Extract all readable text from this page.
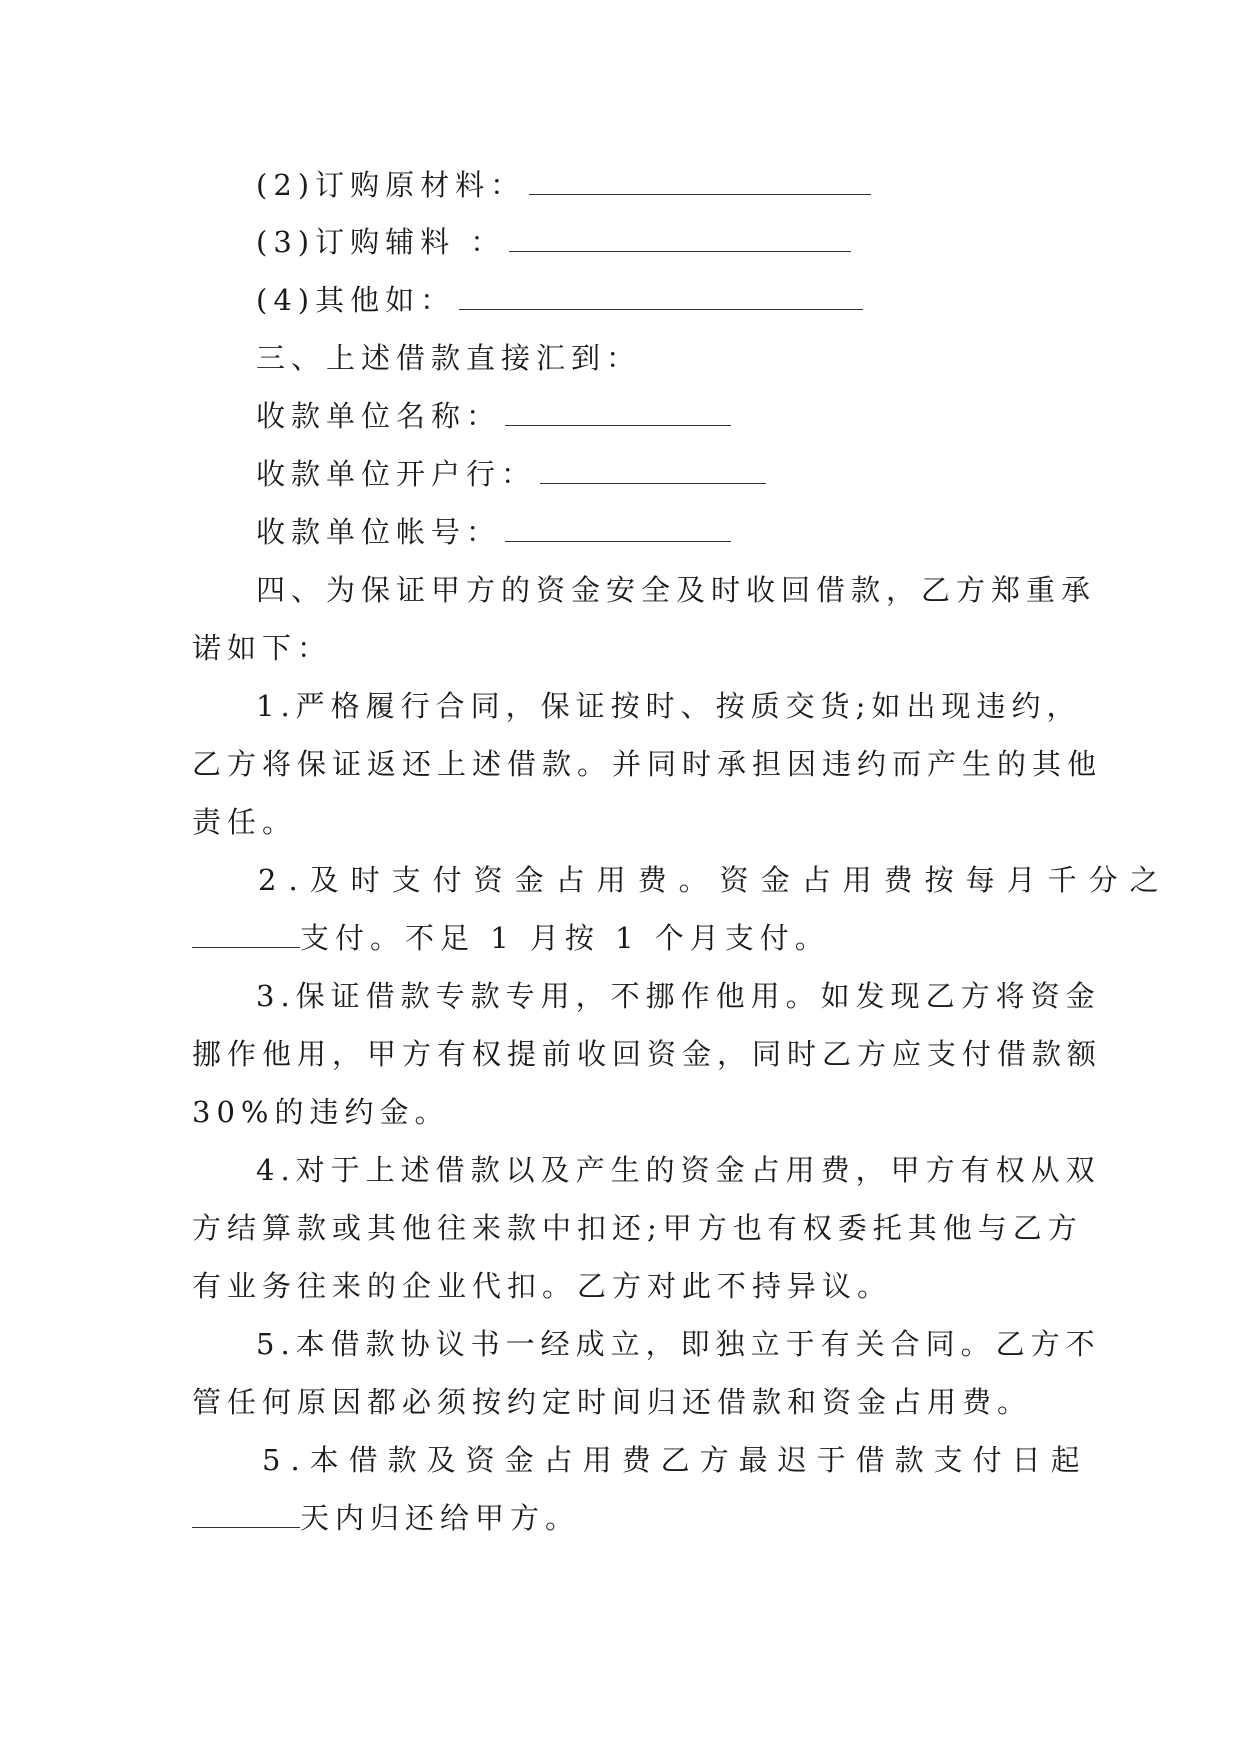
(2)订购原材料：
(3)订购辅料 ：
(4)其他如：
三、上述借款直接汇到：
收款单位名称：
收款单位开户行：
收款单位帐号：
四、为保证甲方的资金安全及时收回借款，乙方郑重承
诺如下：
1.严格履行合同，保证按时、按质交货;如出现违约，
乙方将保证返还上述借款。并同时承担因违约而产生的其他
责任。
2.及时支付资金占用费。资金占用费按每月千分之
支付。不足 1 月按 1 个月支付。
3.保证借款专款专用，不挪作他用。如发现乙方将资金
挪作他用，甲方有权提前收回资金，同时乙方应支付借款额
30%的违约金。
4.对于上述借款以及产生的资金占用费，甲方有权从双
方结算款或其他往来款中扣还;甲方也有权委托其他与乙方
有业务往来的企业代扣。乙方对此不持异议。
5.本借款协议书一经成立，即独立于有关合同。乙方不
管任何原因都必须按约定时间归还借款和资金占用费。
5.本借款及资金占用费乙方最迟于借款支付日起
天内归还给甲方。
